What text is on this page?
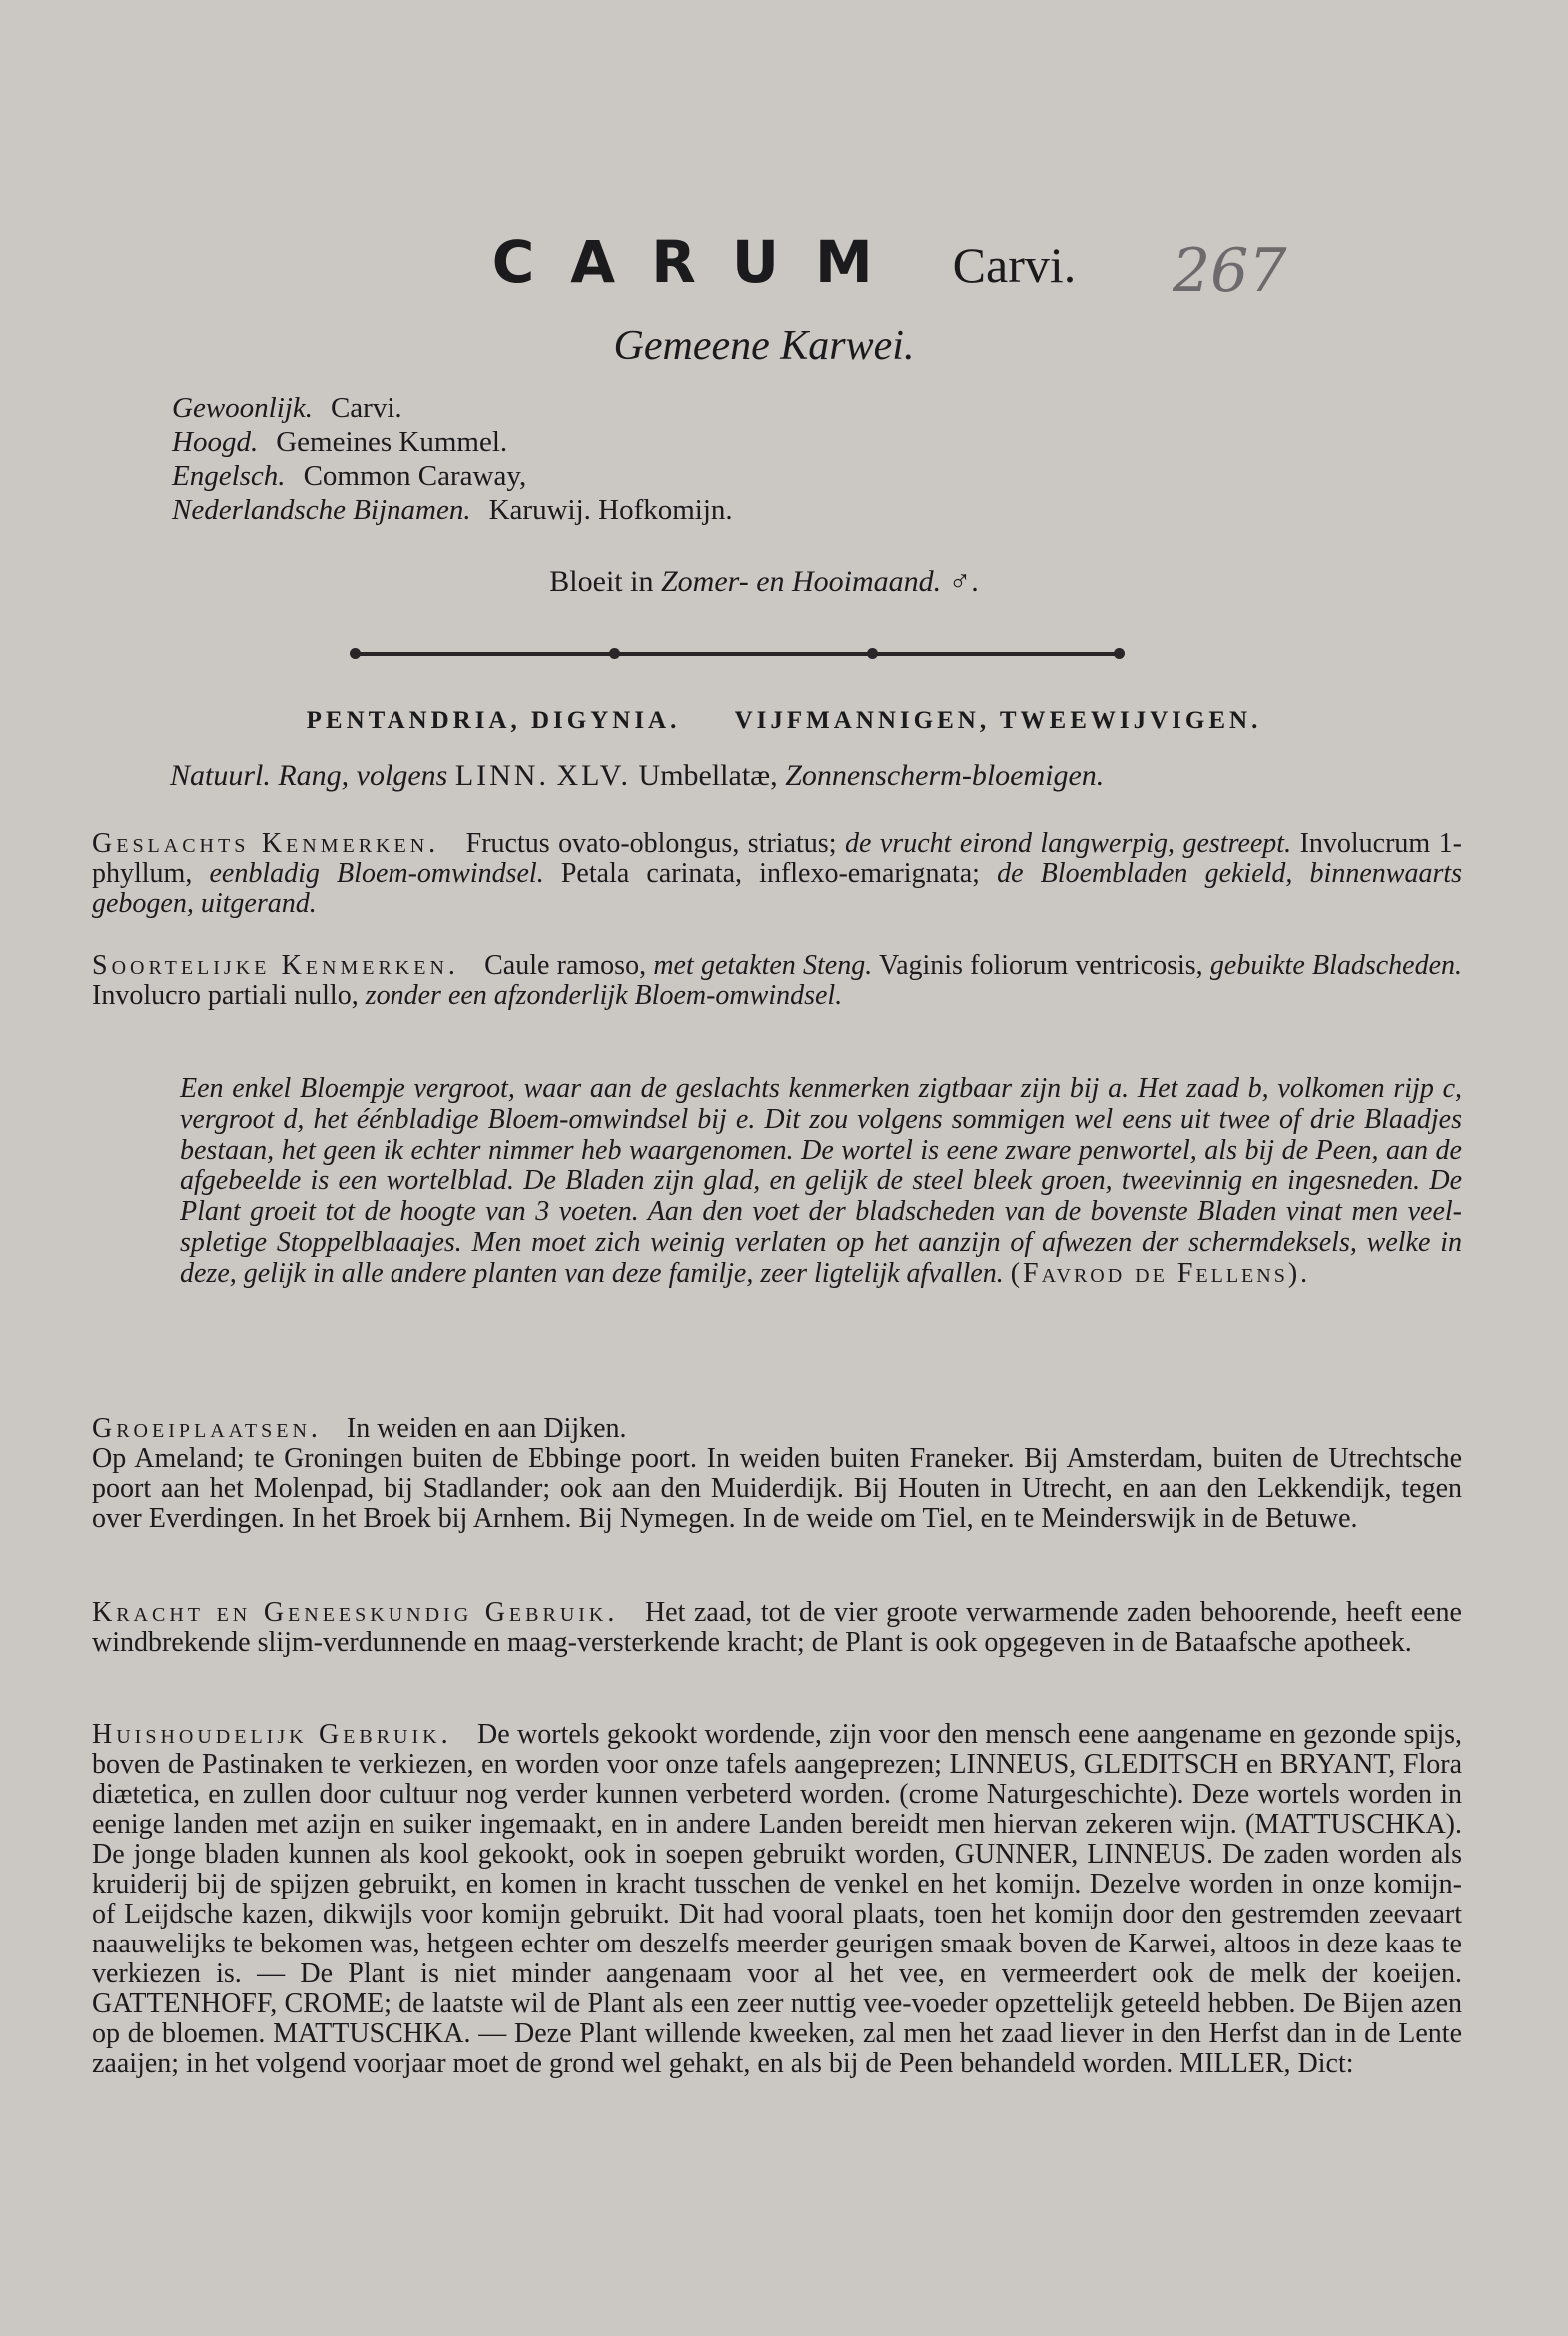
CARUM Carvi.	267
Gemeene Karwei.
Gewoonlijk. Carvi.
Hoogd. Gemeines Kummel.
Engelsch. Common Caraway,
Nederlandsche Bijnamen. Karuwij. Hofkomijn.
Bloeit in Zomer- en Hooimaand. ♂.
PENTANDRIA, DIGYNIA. VIJFMANNIGEN, TWEEWIJVIGEN.
Natuurl. Rang, volgens LINN. XLV. Umbellatæ, Zonnenscherm-bloemigen.
Geslachts Kenmerken. Fructus ovato-oblongus, striatus; de vrucht eirond langwerpig, gestreept. Involucrum 1-phyllum, eenbladig Bloem-omwindsel. Petala carinata, inflexo-emarignata; de Bloembladen gekield, binnenwaarts gebogen, uitgerand.
Soortelijke Kenmerken. Caule ramoso, met getakten Steng. Vaginis foliorum ventricosis, gebuikte Bladscheden. Involucro partiali nullo, zonder een afzonderlijk Bloem-omwindsel.
Een enkel Bloempje vergroot, waar aan de geslachts kenmerken zigtbaar zijn bij a. Het zaad b, volkomen rijp c, vergroot d, het éénbladige Bloem-omwindsel bij e. Dit zou volgens sommigen wel eens uit twee of drie Blaadjes bestaan, het geen ik echter nimmer heb waargenomen. De wortel is eene zware penwortel, als bij de Peen, aan de afgebeelde is een wortelblad. De Bladen zijn glad, en gelijk de steel bleek groen, tweevinnig en ingesneden. De Plant groeit tot de hoogte van 3 voeten. Aan den voet der bladscheden van de bovenste Bladen vinat men veel-spletige Stoppelblaaajes. Men moet zich weinig verlaten op het aanzijn of afwezen der schermdeksels, welke in deze, gelijk in alle andere planten van deze familje, zeer ligtelijk afvallen. (Favrod de Fellens).
Groeiplaatsen. In weiden en aan Dijken.
Op Ameland; te Groningen buiten de Ebbinge poort. In weiden buiten Franeker. Bij Amsterdam, buiten de Utrechtsche poort aan het Molenpad, bij Stadlander; ook aan den Muiderdijk. Bij Houten in Utrecht, en aan den Lekkendijk, tegen over Everdingen. In het Broek bij Arnhem. Bij Nymegen. In de weide om Tiel, en te Meinderswijk in de Betuwe.
Kracht en Geneeskundig Gebruik. Het zaad, tot de vier groote verwarmende zaden behoorende, heeft eene windbrekende slijm-verdunnende en maag-versterkende kracht; de Plant is ook opgegeven in de Bataafsche apotheek.
Huishoudelijk Gebruik. De wortels gekookt wordende, zijn voor den mensch eene aangename en gezonde spijs, boven de Pastinaken te verkiezen, en worden voor onze tafels aangeprezen; LINNEUS, GLEDITSCH en BRYANT, Flora diætetica, en zullen door cultuur nog verder kunnen verbeterd worden. (crome Naturgeschichte). Deze wortels worden in eenige landen met azijn en suiker ingemaakt, en in andere Landen bereidt men hiervan zekeren wijn. (MATTUSCHKA). De jonge bladen kunnen als kool gekookt, ook in soepen gebruikt worden, GUNNER, LINNEUS. De zaden worden als kruiderij bij de spijzen gebruikt, en komen in kracht tusschen de venkel en het komijn. Dezelve worden in onze komijn- of Leijdsche kazen, dikwijls voor komijn gebruikt. Dit had vooral plaats, toen het komijn door den gestremden zeevaart naauwelijks te bekomen was, hetgeen echter om deszelfs meerder geurigen smaak boven de Karwei, altoos in deze kaas te verkiezen is. — De Plant is niet minder aangenaam voor al het vee, en vermeerdert ook de melk der koeijen. GATTENHOFF, CROME; de laatste wil de Plant als een zeer nuttig vee-voeder opzettelijk geteeld hebben. De Bijen azen op de bloemen. MATTUSCHKA. — Deze Plant willende kweeken, zal men het zaad liever in den Herfst dan in de Lente zaaijen; in het volgend voorjaar moet de grond wel gehakt, en als bij de Peen behandeld worden. MILLER, Dict:
